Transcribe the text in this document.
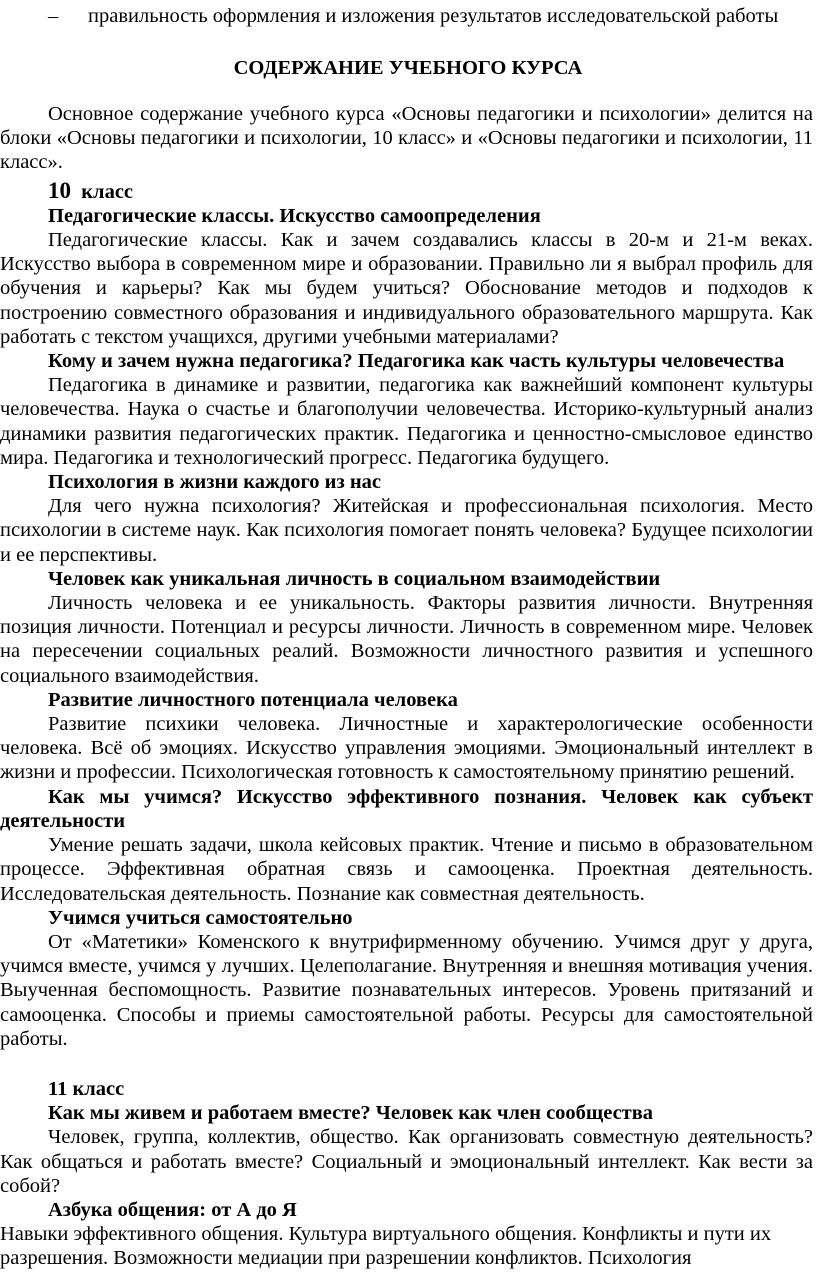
– правильность оформления и изложения результатов исследовательской работы
СОДЕРЖАНИЕ УЧЕБНОГО КУРСА

Основное содержание учебного курса «Основы педагогики и психологии» делится на блоки «Основы педагогики и психологии, 10 класс» и «Основы педагогики и психологии, 11 класс».

10 класс
Педагогические классы. Искусство самоопределения

Педагогические классы. Как и зачем создавались классы в 20-м и 21-м веках. Искусство выбора в современном мире и образовании. Правильно ли я выбрал профиль для обучения и карьеры? Как мы будем учиться? Обоснование методов и подходов к построению совместного образования и индивидуального образовательного маршрута. Как работать с текстом учащихся, другими учебными материалами?

Кому и зачем нужна педагогика? Педагогика как часть культуры человечества

Педагогика в динамике и развитии, педагогика как важнейший компонент культуры человечества. Наука о счастье и благополучии человечества. Историко-культурный анализ динамики развития педагогических практик. Педагогика и ценностно-смысловое единство мира. Педагогика и технологический прогресс. Педагогика будущего.

Психология в жизни каждого из нас

Для чего нужна психология? Житейская и профессиональная психология. Место психологии в системе наук. Как психология помогает понять человека? Будущее психологии и ее перспективы.

Человек как уникальная личность в социальном взаимодействии

Личность человека и ее уникальность. Факторы развития личности. Внутренняя позиция личности. Потенциал и ресурсы личности. Личность в современном мире. Человек на пересечении социальных реалий. Возможности личностного развития и успешного социального взаимодействия.

Развитие личностного потенциала человека

Развитие психики человека. Личностные и характерологические особенности человека. Всё об эмоциях. Искусство управления эмоциями. Эмоциональный интеллект в жизни и профессии. Психологическая готовность к самостоятельному принятию решений.

Как мы учимся? Искусство эффективного познания. Человек как субъект деятельности

Умение решать задачи, школа кейсовых практик. Чтение и письмо в образовательном процессе. Эффективная обратная связь и самооценка. Проектная деятельность. Исследовательская деятельность. Познание как совместная деятельность.

Учимся учиться самостоятельно

От «Матетики» Коменского к внутрифирменному обучению. Учимся друг у друга, учимся вместе, учимся у лучших. Целеполагание. Внутренняя и внешняя мотивация учения. Выученная беспомощность. Развитие познавательных интересов. Уровень притязаний и самооценка. Способы и приемы самостоятельной работы. Ресурсы для самостоятельной работы.

11 класс
Как мы живем и работаем вместе? Человек как член сообщества

Человек, группа, коллектив, общество. Как организовать совместную деятельность? Как общаться и работать вместе? Социальный и эмоциональный интеллект. Как вести за собой?

Азбука общения: от А до Я

Навыки эффективного общения. Культура виртуального общения. Конфликты и пути их разрешения. Возможности медиации при разрешении конфликтов. Психология
